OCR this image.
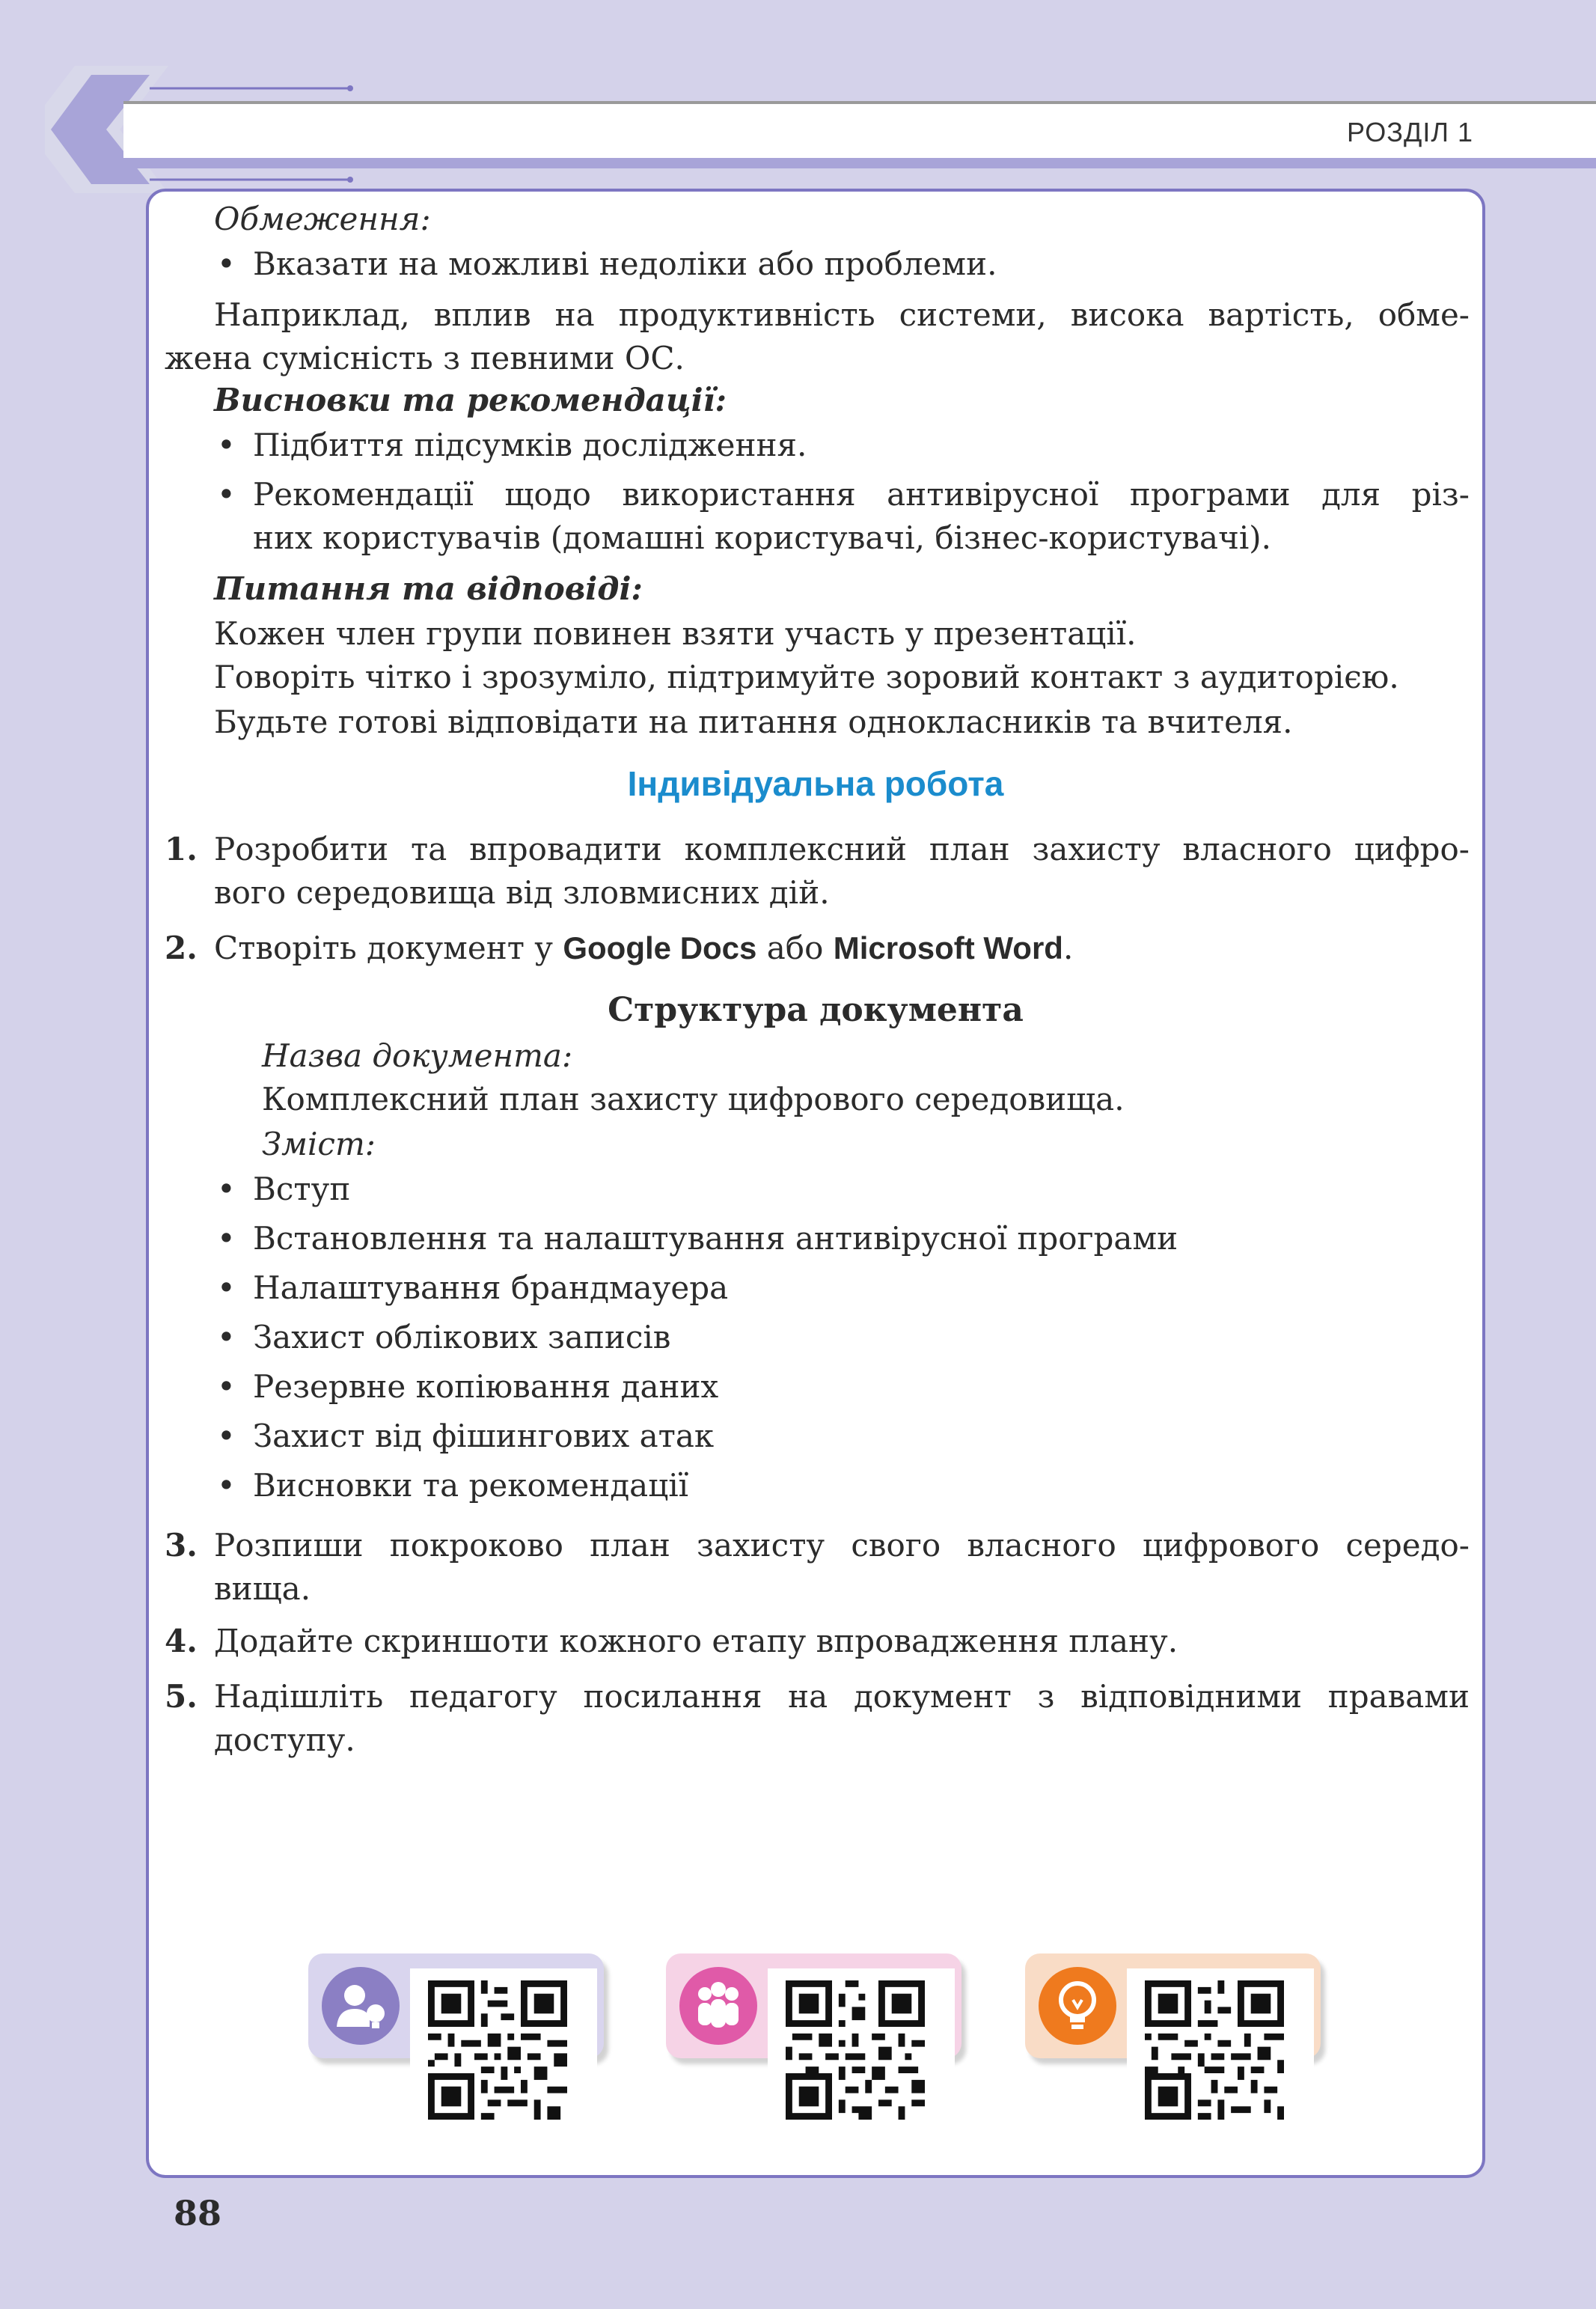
РОЗДІЛ 1
Обмеження:
• Вказати на можливі недоліки або проблеми.
Наприклад, вплив на продуктивність системи, висока вартість, обме-
жена сумісність з певними ОС.
Висновки та рекомендації:
• Підбиття підсумків дослідження.
• Рекомендації щодо використання антивірусної програми для різ-
них користувачів (домашні користувачі, бізнес-користувачі).
Питання та відповіді:
Кожен член групи повинен взяти участь у презентації.
Говоріть чітко і зрозуміло, підтримуйте зоровий контакт з аудиторією.
Будьте готові відповідати на питання однокласників та вчителя.
Індивідуальна робота
1. Розробити та впровадити комплексний план захисту власного цифро-
вого середовища від зловмисних дій.
2. Створіть документ у Google Docs або Microsoft Word.
Структура документа
Назва документа:
Комплексний план захисту цифрового середовища.
Зміст:
• Вступ
• Встановлення та налаштування антивірусної програми
• Налаштування брандмауера
• Захист облікових записів
• Резервне копіювання даних
• Захист від фішингових атак
• Висновки та рекомендації
3. Розпиши покроково план захисту свого власного цифрового середо-
вища.
4. Додайте скриншоти кожного етапу впровадження плану.
5. Надішліть педагогу посилання на документ з відповідними правами
доступу.
88
